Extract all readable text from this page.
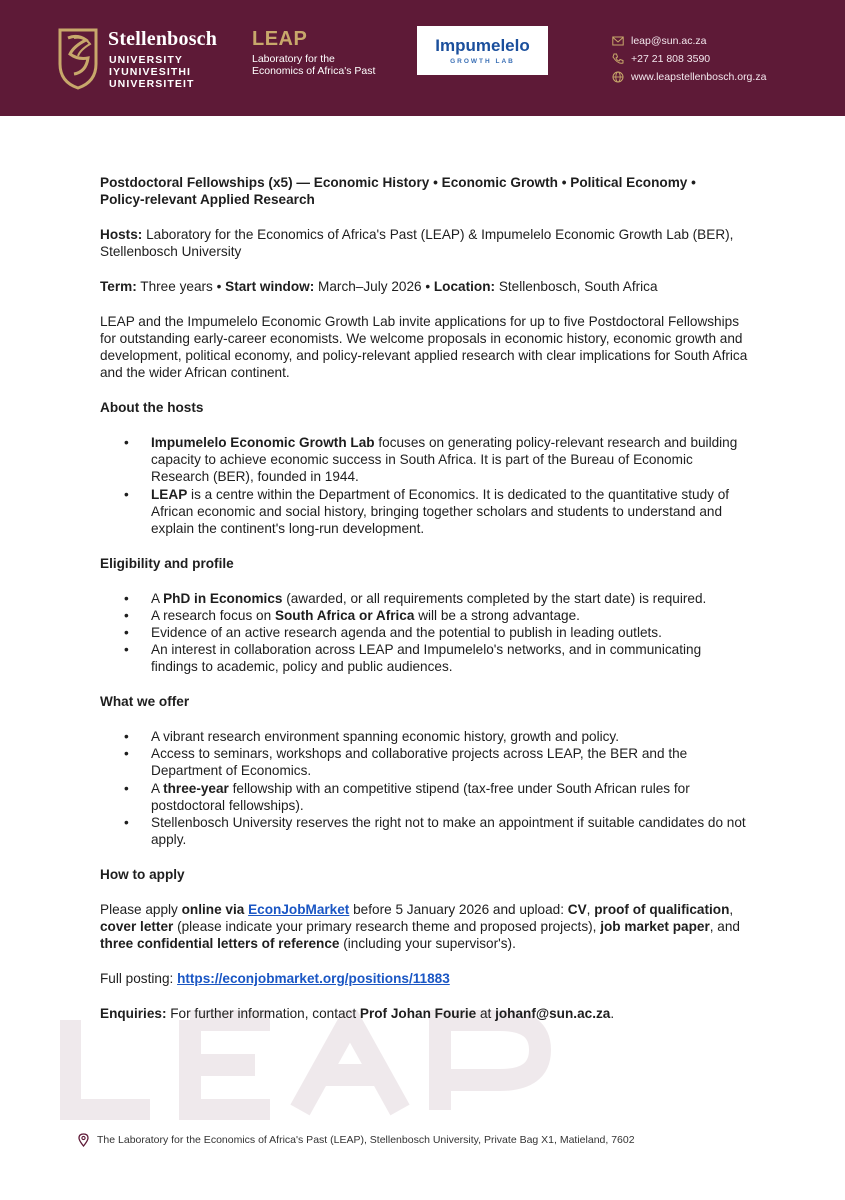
Stellenbosch
UNIVERSITY
IYUNIVESITHI
UNIVERSITEIT
LEAP
Laboratory for the
Economics of Africa's Past
Impumelelo
GROWTH LAB
leap@sun.ac.za
+27 21 808 3590
www.leapstellenbosch.org.za

Postdoctoral Fellowships (x5) — Economic History • Economic Growth • Political Economy •
Policy-relevant Applied Research

Hosts: Laboratory for the Economics of Africa's Past (LEAP) & Impumelelo Economic Growth Lab (BER), Stellenbosch University

Term: Three years • Start window: March–July 2026 • Location: Stellenbosch, South Africa

LEAP and the Impumelelo Economic Growth Lab invite applications for up to five Postdoctoral Fellowships for outstanding early-career economists. We welcome proposals in economic history, economic growth and development, political economy, and policy-relevant applied research with clear implications for South Africa and the wider African continent.

About the hosts

• Impumelelo Economic Growth Lab focuses on generating policy-relevant research and building capacity to achieve economic success in South Africa. It is part of the Bureau of Economic Research (BER), founded in 1944.
• LEAP is a centre within the Department of Economics. It is dedicated to the quantitative study of African economic and social history, bringing together scholars and students to understand and explain the continent's long-run development.

Eligibility and profile

• A PhD in Economics (awarded, or all requirements completed by the start date) is required.
• A research focus on South Africa or Africa will be a strong advantage.
• Evidence of an active research agenda and the potential to publish in leading outlets.
• An interest in collaboration across LEAP and Impumelelo's networks, and in communicating findings to academic, policy and public audiences.

What we offer

• A vibrant research environment spanning economic history, growth and policy.
• Access to seminars, workshops and collaborative projects across LEAP, the BER and the Department of Economics.
• A three-year fellowship with an competitive stipend (tax-free under South African rules for postdoctoral fellowships).
• Stellenbosch University reserves the right not to make an appointment if suitable candidates do not apply.

How to apply

Please apply online via EconJobMarket before 5 January 2026 and upload: CV, proof of qualification, cover letter (please indicate your primary research theme and proposed projects), job market paper, and three confidential letters of reference (including your supervisor's).

Full posting: https://econjobmarket.org/positions/11883

Enquiries: For further information, contact Prof Johan Fourie at johanf@sun.ac.za.

The Laboratory for the Economics of Africa's Past (LEAP), Stellenbosch University, Private Bag X1, Matieland, 7602
